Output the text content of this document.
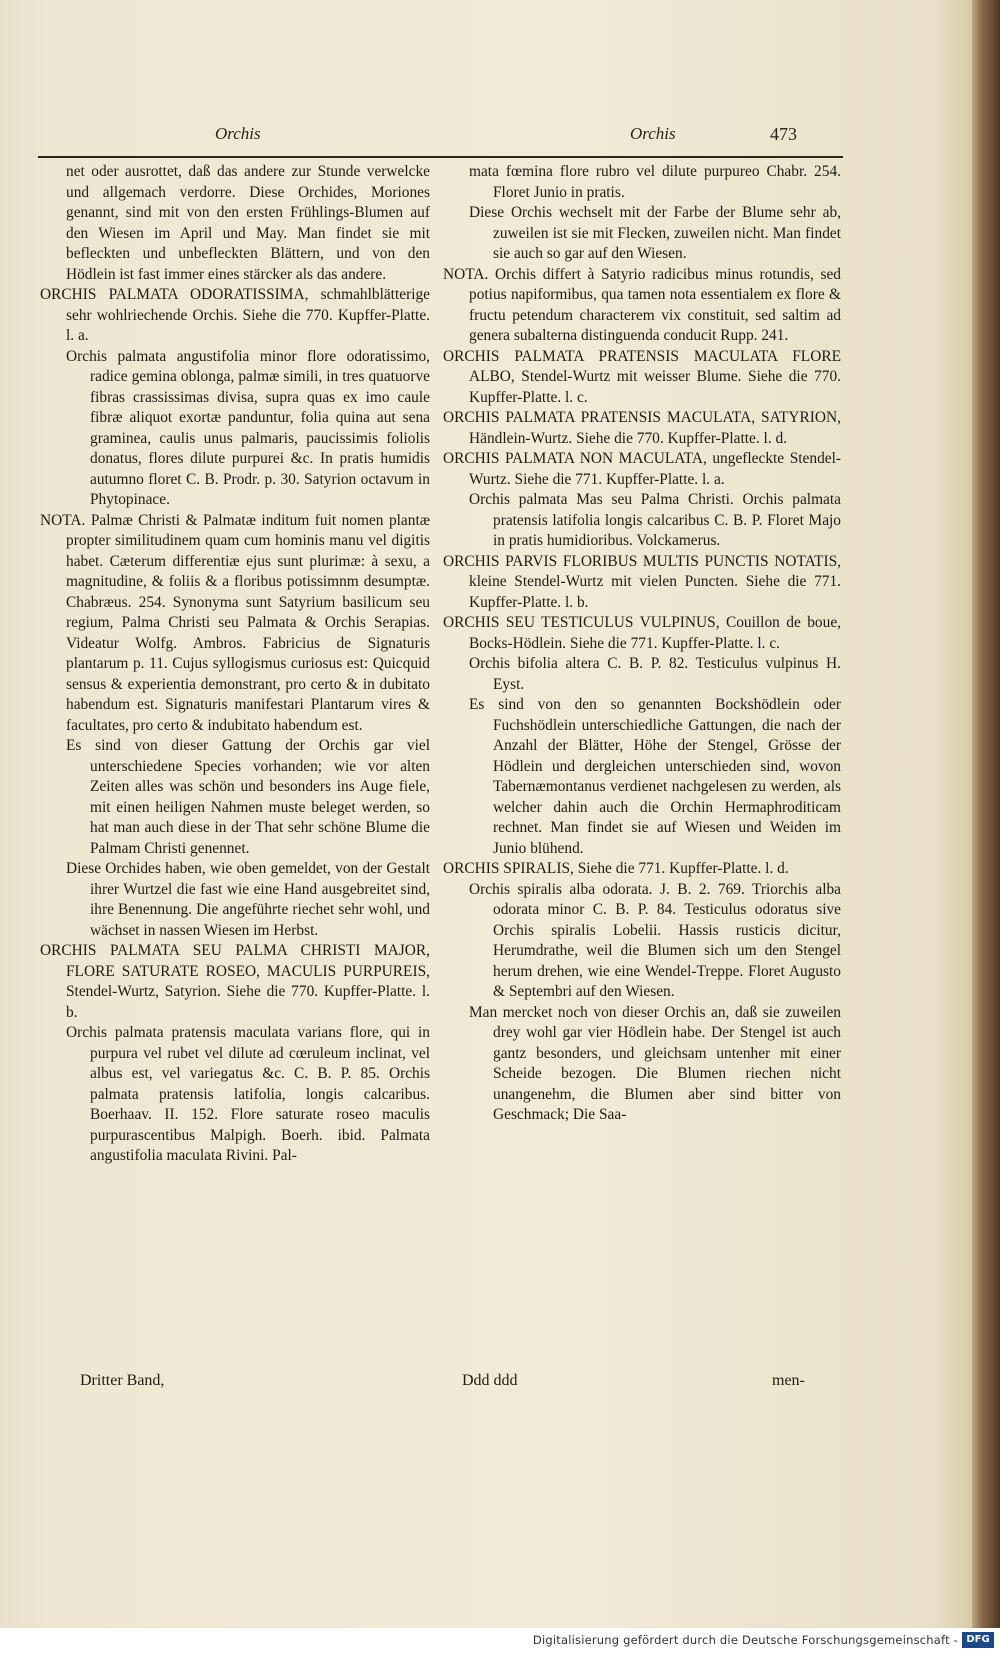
Orchis	Orchis	473

net oder ausrottet, daß das andere zur Stunde verwelcke und allgemach verdorre. Diese Orchides, Moriones genannt, sind mit von den ersten Frühlings-Blumen auf den Wiesen im April und May. Man findet sie mit befleckten und unbefleckten Blättern, und von den Hödlein ist fast immer eines stärcker als das andere.

ORCHIS PALMATA ODORATISSIMA, schmahlblätterige sehr wohlriechende Orchis. Siehe die 770. Kupffer-Platte. l. a.

Orchis palmata angustifolia minor flore odoratissimo, radice gemina oblonga, palmæ simili, in tres quatuorve fibras crassissimas divisa, supra quas ex imo caule fibræ aliquot exortæ panduntur, folia quina aut sena graminea, caulis unus palmaris, paucissimis foliolis donatus, flores dilute purpurei &c. In pratis humidis autumno floret C. B. Prodr. p. 30. Satyrion octavum in Phytopinace.

NOTA. Palmæ Christi & Palmatæ inditum fuit nomen plantæ propter similitudinem quam cum hominis manu vel digitis habet. Cæterum differentiæ ejus sunt plurimæ: à sexu, a magnitudine, & foliis & a floribus potissimnm desumptæ. Chabræus. 254. Synonyma sunt Satyrium basilicum seu regium, Palma Christi seu Palmata & Orchis Serapias. Videatur Wolfg. Ambros. Fabricius de Signaturis plantarum p. 11. Cujus syllogismus curiosus est: Quicquid sensus & experientia demonstrant, pro certo & in dubitato habendum est. Signaturis manifestari Plantarum vires & facultates, pro certo & indubitato habendum est.

Es sind von dieser Gattung der Orchis gar viel unterschiedene Species vorhanden; wie vor alten Zeiten alles was schön und besonders ins Auge fiele, mit einen heiligen Nahmen muste beleget werden, so hat man auch diese in der That sehr schöne Blume die Palmam Christi genennet.

Diese Orchides haben, wie oben gemeldet, von der Gestalt ihrer Wurtzel die fast wie eine Hand ausgebreitet sind, ihre Benennung. Die angeführte riechet sehr wohl, und wächset in nassen Wiesen im Herbst.

ORCHIS PALMATA SEU PALMA CHRISTI MAJOR, FLORE SATURATE ROSEO, MACULIS PURPUREIS, Stendel-Wurtz, Satyrion. Siehe die 770. Kupffer-Platte. l. b.

Orchis palmata pratensis maculata varians flore, qui in purpura vel rubet vel dilute ad cœruleum inclinat, vel albus est, vel variegatus &c. C. B. P. 85. Orchis palmata pratensis latifolia, longis calcaribus. Boerhaav. II. 152. Flore saturate roseo maculis purpurascentibus Malpigh. Boerh. ibid. Palmata angustifolia maculata Rivini. Pal-

mata fœmina flore rubro vel dilute purpureo Chabr. 254. Floret Junio in pratis.

Diese Orchis wechselt mit der Farbe der Blume sehr ab, zuweilen ist sie mit Flecken, zuweilen nicht. Man findet sie auch so gar auf den Wiesen.

NOTA. Orchis differt à Satyrio radicibus minus rotundis, sed potius napiformibus, qua tamen nota essentialem ex flore & fructu petendum characterem vix constituit, sed saltim ad genera subalterna distinguenda conducit Rupp. 241.

ORCHIS PALMATA PRATENSIS MACULATA FLORE ALBO, Stendel-Wurtz mit weisser Blume. Siehe die 770. Kupffer-Platte. l. c.

ORCHIS PALMATA PRATENSIS MACULATA, SATYRION, Händlein-Wurtz. Siehe die 770. Kupffer-Platte. l. d.

ORCHIS PALMATA NON MACULATA, ungefleckte Stendel-Wurtz. Siehe die 771. Kupffer-Platte. l. a.

Orchis palmata Mas seu Palma Christi. Orchis palmata pratensis latifolia longis calcaribus C. B. P. Floret Majo in pratis humidioribus. Volckamerus.

ORCHIS PARVIS FLORIBUS MULTIS PUNCTIS NOTATIS, kleine Stendel-Wurtz mit vielen Puncten. Siehe die 771. Kupffer-Platte. l. b.

ORCHIS SEU TESTICULUS VULPINUS, Couillon de boue, Bocks-Hödlein. Siehe die 771. Kupffer-Platte. l. c.

Orchis bifolia altera C. B. P. 82. Testiculus vulpinus H. Eyst.

Es sind von den so genannten Bockshödlein oder Fuchshödlein unterschiedliche Gattungen, die nach der Anzahl der Blätter, Höhe der Stengel, Grösse der Hödlein und dergleichen unterschieden sind, wovon Tabernæmontanus verdienet nachgelesen zu werden, als welcher dahin auch die Orchin Hermaphroditicam rechnet. Man findet sie auf Wiesen und Weiden im Junio blühend.

ORCHIS SPIRALIS, Siehe die 771. Kupffer-Platte. l. d.

Orchis spiralis alba odorata. J. B. 2. 769. Triorchis alba odorata minor C. B. P. 84. Testiculus odoratus sive Orchis spiralis Lobelii. Hassis rusticis dicitur, Herumdrathe, weil die Blumen sich um den Stengel herum drehen, wie eine Wendel-Treppe. Floret Augusto & Septembri auf den Wiesen.

Man mercket noch von dieser Orchis an, daß sie zuweilen drey wohl gar vier Hödlein habe. Der Stengel ist auch gantz besonders, und gleichsam untenher mit einer Scheide bezogen. Die Blumen riechen nicht unangenehm, die Blumen aber sind bitter von Geschmack; Die Saa-

Dritter Band,	Ddd ddd	men-
Digitalisierung gefördert durch die Deutsche Forschungsgemeinschaft - DFG
